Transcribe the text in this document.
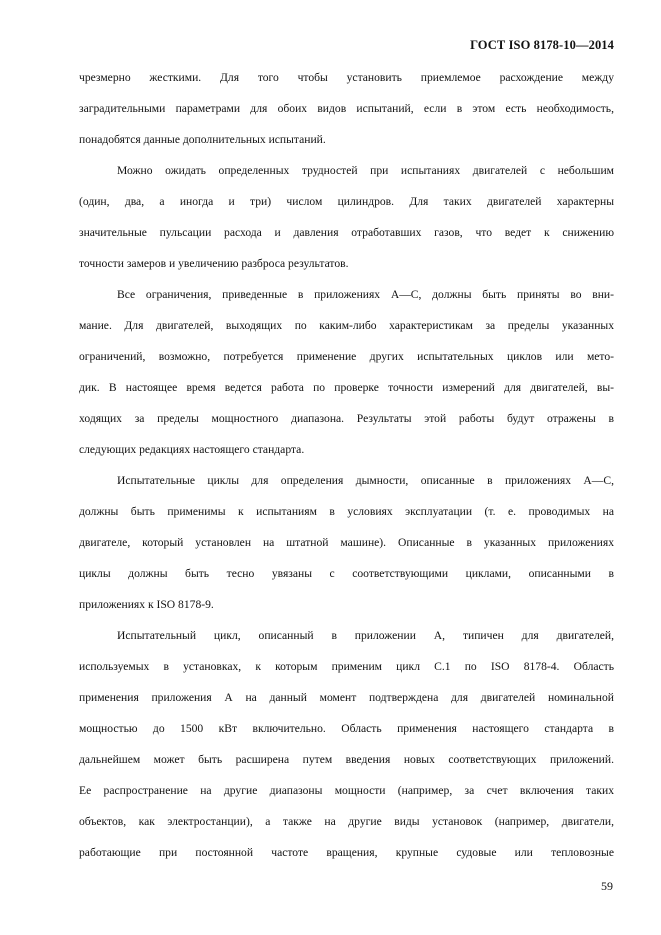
ГОСТ ISO 8178-10—2014
чрезмерно жесткими. Для того чтобы установить приемлемое расхождение между
заградительными параметрами для обоих видов испытаний, если в этом есть необходимость,
понадобятся данные дополнительных испытаний.
Можно ожидать определенных трудностей при испытаниях двигателей с небольшим
(один, два, а иногда и три) числом цилиндров. Для таких двигателей характерны
значительные пульсации расхода и давления отработавших газов, что ведет к снижению
точности замеров и увеличению разброса результатов.
Все ограничения, приведенные в приложениях А—С, должны быть приняты во вни-
мание. Для двигателей, выходящих по каким-либо характеристикам за пределы указанных
ограничений, возможно, потребуется применение других испытательных циклов или мето-
дик. В настоящее время ведется работа по проверке точности измерений для двигателей, вы-
ходящих за пределы мощностного диапазона. Результаты этой работы будут отражены в
следующих редакциях настоящего стандарта.
Испытательные циклы для определения дымности, описанные в приложениях А—С,
должны быть применимы к испытаниям в условиях эксплуатации (т. е. проводимых на
двигателе, который установлен на штатной машине). Описанные в указанных приложениях
циклы должны быть тесно увязаны с соответствующими циклами, описанными в
приложениях к ISO 8178-9.
Испытательный цикл, описанный в приложении А, типичен для двигателей,
используемых в установках, к которым применим цикл С.1 по ISO 8178-4. Область
применения приложения А на данный момент подтверждена для двигателей номинальной
мощностью до 1500 кВт включительно. Область применения настоящего стандарта в
дальнейшем может быть расширена путем введения новых соответствующих приложений.
Ее распространение на другие диапазоны мощности (например, за счет включения таких
объектов, как электростанции), а также на другие виды установок (например, двигатели,
работающие при постоянной частоте вращения, крупные судовые или тепловозные
59
